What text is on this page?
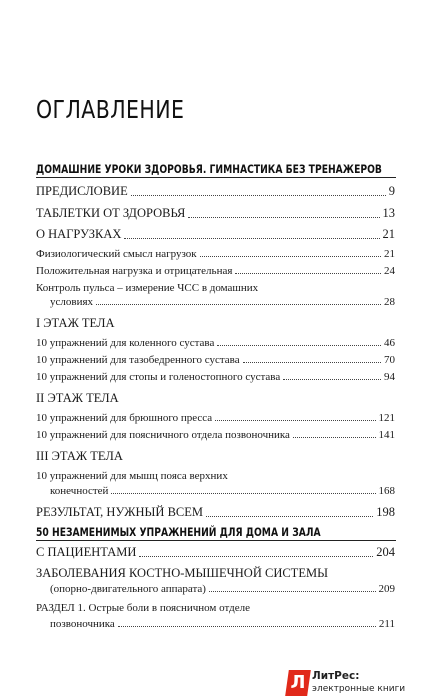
ОГЛАВЛЕНИЕ
ДОМАШНИЕ УРОКИ ЗДОРОВЬЯ. ГИМНАСТИКА БЕЗ ТРЕНАЖЕРОВ
ПРЕДИСЛОВИЕ	9
ТАБЛЕТКИ ОТ ЗДОРОВЬЯ	13
О НАГРУЗКАХ	21
Физиологический смысл нагрузок	21
Положительная нагрузка и отрицательная	24
Контроль пульса – измерение ЧСС в домашних
условиях	28
I ЭТАЖ ТЕЛА
10 упражнений для коленного сустава	46
10 упражнений для тазобедренного сустава	70
10 упражнений для стопы и голеностопного сустава	94
II ЭТАЖ ТЕЛА
10 упражнений для брюшного пресса	121
10 упражнений для поясничного отдела позвоночника	141
III ЭТАЖ ТЕЛА
10 упражнений для мышц пояса верхних
конечностей	168
РЕЗУЛЬТАТ, НУЖНЫЙ ВСЕМ	198
50 НЕЗАМЕНИМЫХ УПРАЖНЕНИЙ ДЛЯ ДОМА И ЗАЛА
С ПАЦИЕНТАМИ	204
ЗАБОЛЕВАНИЯ КОСТНО-МЫШЕЧНОЙ СИСТЕМЫ
(опорно-двигательного аппарата)	209
РАЗДЕЛ 1. Острые боли в поясничном отделе
позвоночника	211
Л ЛитРес:
электронные книги
